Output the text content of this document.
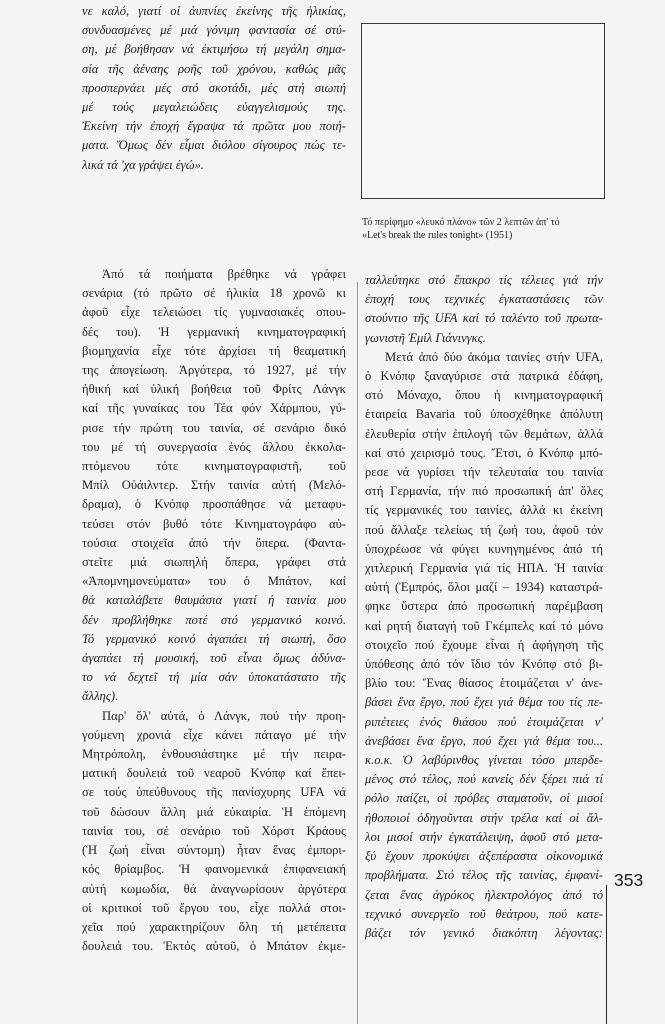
νε καλό, γιατί οἱ ἀυπνίες ἐκείνης τῆς ἡλικίας,
συνδυασμένες μέ μιά γόνιμη φαντασία σέ στύ-
ση, μέ βοήθησαν νά ἐκτιμήσω τή μεγάλη σημα-
σία τῆς ἀέναης ροῆς τοῦ χρόνου, καθώς μᾶς
προσπερνάει μές στό σκοτάδι, μές στή σιωπή
μέ τούς μεγαλειώδεις εὐαγγελισμούς της.
Ἐκείνη τήν ἐποχή ἔγραψα τά πρῶτα μου ποιή-
ματα. Ὅμως δέν εἶμαι διόλου σίγουρος πώς τε-
λικά τά 'χα γράψει ἐγώ».
Τό περίφημο «λευκό πλάνο» τῶν 2 λεπτῶν ἀπ' τό
«Let's break the rules tonight» (1951)
Ἀπό τά ποιήματα βρέθηκε νά γράφει
σενάρια (τό πρῶτο σέ ἡλικία 18 χρονῶ κι
ἀφοῦ εἶχε τελειώσει τίς γυμνασιακές σπου-
δές του). Ἡ γερμανική κινηματογραφική
βιομηχανία εἶχε τότε ἀρχίσει τή θεαματική
της ἀπογείωση. Ἀργότερα, τό 1927, μέ τήν
ἠθική καί ὑλική βοήθεια τοῦ Φρίτς Λάνγκ
καί τῆς γυναίκας του Τέα φόν Χάρμπου, γύ-
ρισε τήν πρώτη του ταινία, σέ σενάριο δικό
του μέ τή συνεργασία ἑνός ἄλλου ἐκκολα-
πτόμενου τότε κινηματογραφιστῆ, τοῦ
Μπίλ Οὐάιλντερ. Στήν ταινία αὐτή (Μελό-
δραμα), ὁ Κνόπφ προσπάθησε νά μεταφυ-
τεύσει στόν βυθό τότε Κινηματογράφο αὐ-
τούσια στοιχεῖα ἀπό τήν ὄπερα. (Φαντα-
στεῖτε μιά σιωπηλή ὄπερα, γράφει στά
«Ἀπομνημονεύματα» του ὁ Μπάτον, καί
θά καταλάβετε θαυμάσια γιατί ἡ ταινία μου
δέν προβλήθηκε ποτέ στό γερμανικό κοινό.
Τό γερμανικό κοινό ἀγαπάει τή σιωπή, ὅσο
ἀγαπάει τή μουσική, τοῦ εἶναι ὅμως ἀδύνα-
το νά δεχτεῖ τή μία σάν ὑποκατάστατο τῆς
ἄλλης).
Παρ' ὅλ' αὐτά, ὁ Λάνγκ, πού τήν προη-
γούμενη χρονιά εἶχε κάνει πάταγο μέ τήν
Μητρόπολη, ἐνθουσιάστηκε μέ τήν πειρα-
ματική δουλειά τοῦ νεαροῦ Κνόπφ καί ἔπει-
σε τούς ὑπεύθυνους τῆς πανίσχυρης UFA νά
τοῦ δώσουν ἄλλη μιά εὐκαιρία. Ἡ ἑπόμενη
ταινία του, σέ σενάριο τοῦ Χόρστ Κράους
(Ἡ ζωή εἶναι σύντομη) ἦταν ἕνας ἐμπορι-
κός θρίαμβος. Ἡ φαινομενικά ἐπιφανειακή
αὐτή κωμωδία, θά ἀναγνωρίσουν ἀργότερα
οἱ κριτικοί τοῦ ἔργου του, εἶχε πολλά στοι-
χεῖα πού χαρακτηρίζουν ὅλη τή μετέπειτα
δουλειά του. Ἐκτός αὐτοῦ, ὁ Μπάτον ἐκμε-
ταλλεύτηκε στό ἔπακρο τίς τέλειες γιά τήν
ἐποχή τους τεχνικές ἐγκαταστάσεις τῶν
στούντιο τῆς UFA καί τό ταλέντο τοῦ πρωτα-
γωνιστῆ Ἐμίλ Γιάνινγκς.
Μετά ἀπό δύο ἀκόμα ταινίες στήν UFA,
ὁ Κνόπφ ξαναγύρισε στά πατρικά ἐδάφη,
στό Μόναχο, ὅπου ἡ κινηματογραφική
ἑταιρεία Bavaria τοῦ ὑποσχέθηκε ἀπόλυτη
ἐλευθερία στήν ἐπιλογή τῶν θεμάτων, ἀλλά
καί στό χειρισμό τους. Ἔτσι, ὁ Κνόπφ μπό-
ρεσε νά γυρίσει τήν τελευταία του ταινία
στή Γερμανία, τήν πιό προσωπική ἀπ' ὅλες
τίς γερμανικές του ταινίες, ἀλλά κι ἐκείνη
πού ἄλλαξε τελείως τή ζωή του, ἀφοῦ τόν
ὑποχρέωσε νά φύγει κυνηγημένος ἀπό τή
χιτλερική Γερμανία γιά τίς ΗΠΑ. Ἡ ταινία
αὐτή (Ἐμπρός, ὅλοι μαζί – 1934) καταστρά-
φηκε ὕστερα ἀπό προσωπική παρέμβαση
καί ρητή διαταγή τοῦ Γκέμπελς καί τό μόνο
στοιχεῖο πού ἔχουμε εἶναι ἡ ἀφήγηση τῆς
ὑπόθεσης ἀπό τόν ἴδιο τόν Κνόπφ στό βι-
βλίο του: Ἕνας θίασος ἑτοιμάζεται ν' ἀνε-
βάσει ἕνα ἔργο, πού ἔχει γιά θέμα του τίς πε-
ριπέτειες ἑνός θιάσου πού ἑτοιμάζεται ν'
ἀνεβάσει ἕνα ἔργο, πού ἔχει γιά θέμα του...
κ.ο.κ. Ὁ λαβύρινθος γίνεται τόσο μπερδε-
μένος στό τέλος, πού κανείς δέν ξέρει πιά τί
ρόλο παίζει, οἱ πρόβες σταματοῦν, οἱ μισοί
ἠθοποιοί ὁδηγοῦνται στήν τρέλα καί οἱ ἄλ-
λοι μισοί στήν ἐγκατάλειψη, ἀφοῦ στό μετα-
ξύ ἔχουν προκύψει ἀξεπέραστα οἰκονομικά
προβλήματα. Στό τέλος τῆς ταινίας, ἐμφανί-
ζεται ἕνας ἀγρόκος ἠλεκτρολόγος ἀπό τό
τεχνικό συνεργεῖο τοῦ θεάτρου, πού κατε-
βάζει τόν γενικό διακόπτη λέγοντας:
353
